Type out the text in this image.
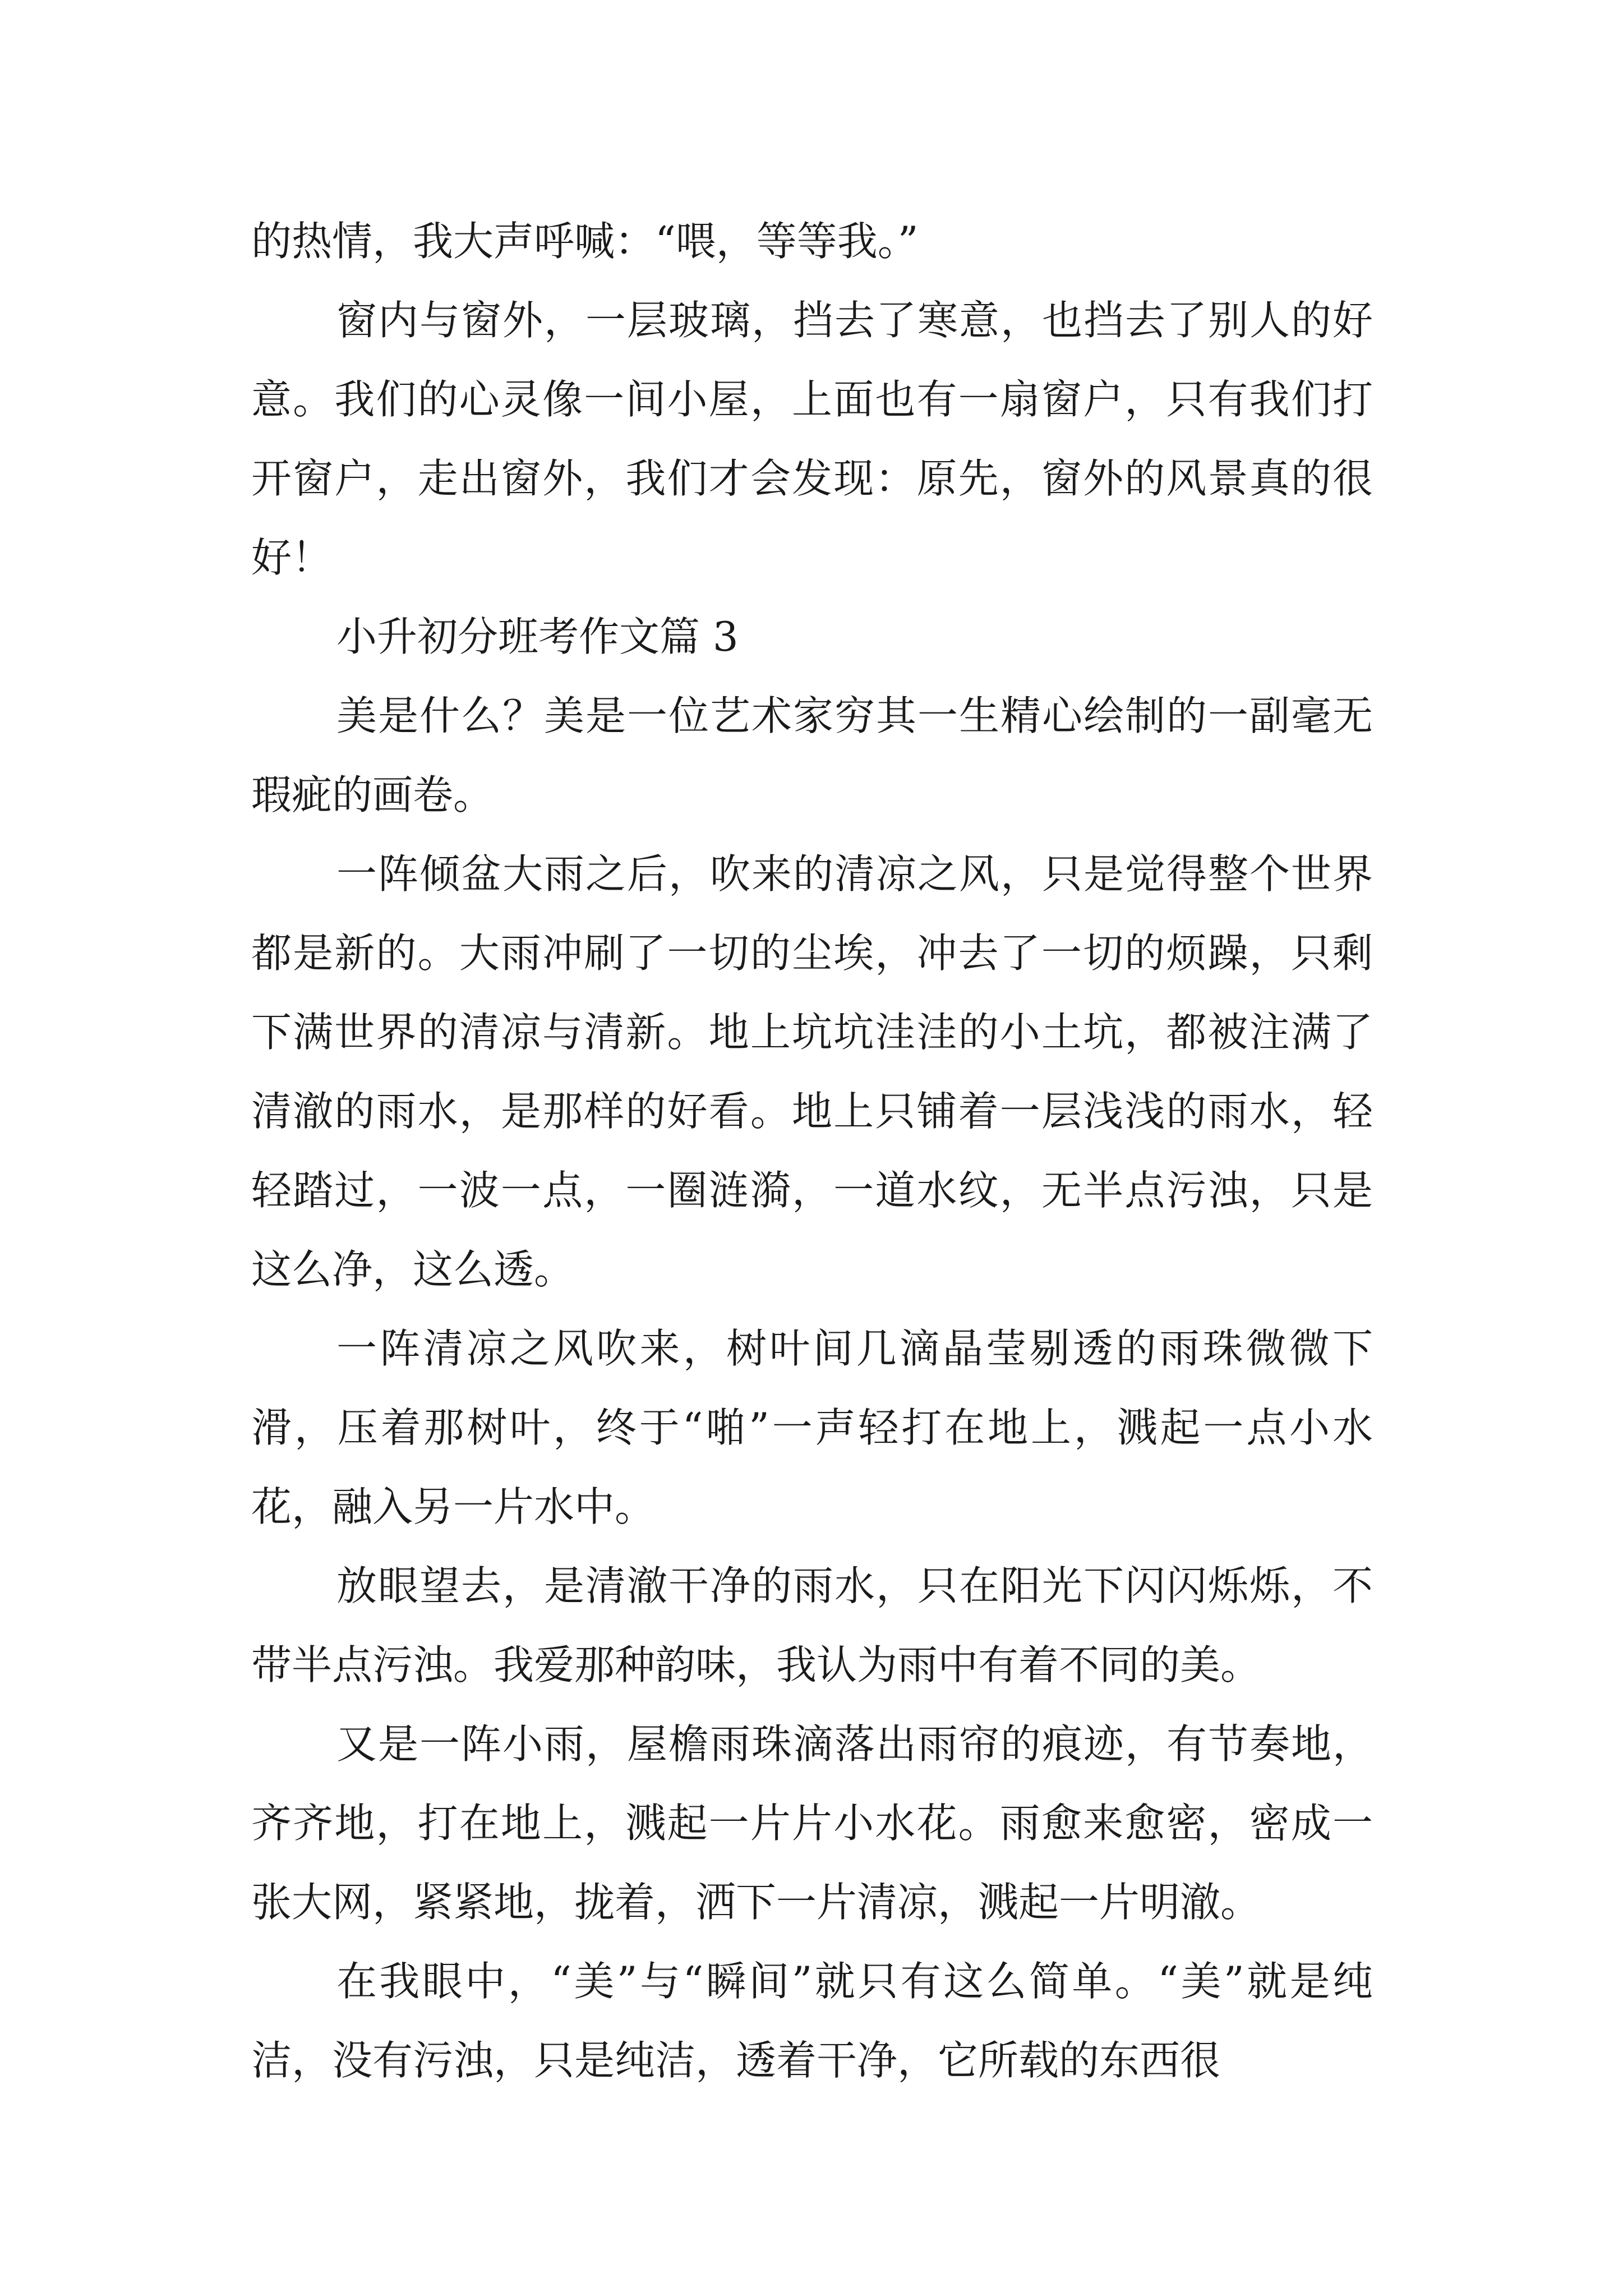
的热情，我大声呼喊：“喂，等等我。”

窗内与窗外，一层玻璃，挡去了寒意，也挡去了别人的好意。我们的心灵像一间小屋，上面也有一扇窗户，只有我们打开窗户，走出窗外，我们才会发现：原先，窗外的风景真的很好！

小升初分班考作文篇 3

美是什么？美是一位艺术家穷其一生精心绘制的一副毫无瑕疵的画卷。

一阵倾盆大雨之后，吹来的清凉之风，只是觉得整个世界都是新的。大雨冲刷了一切的尘埃，冲去了一切的烦躁，只剩下满世界的清凉与清新。地上坑坑洼洼的小土坑，都被注满了清澈的雨水，是那样的好看。地上只铺着一层浅浅的雨水，轻轻踏过，一波一点，一圈涟漪，一道水纹，无半点污浊，只是这么净，这么透。

一阵清凉之风吹来，树叶间几滴晶莹剔透的雨珠微微下滑，压着那树叶，终于“啪”一声轻打在地上，溅起一点小水花，融入另一片水中。

放眼望去，是清澈干净的雨水，只在阳光下闪闪烁烁，不带半点污浊。我爱那种韵味，我认为雨中有着不同的美。

又是一阵小雨，屋檐雨珠滴落出雨帘的痕迹，有节奏地，齐齐地，打在地上，溅起一片片小水花。雨愈来愈密，密成一张大网，紧紧地，拢着，洒下一片清凉，溅起一片明澈。

在我眼中，“美”与“瞬间”就只有这么简单。“美”就是纯洁，没有污浊，只是纯洁，透着干净，它所载的东西很
